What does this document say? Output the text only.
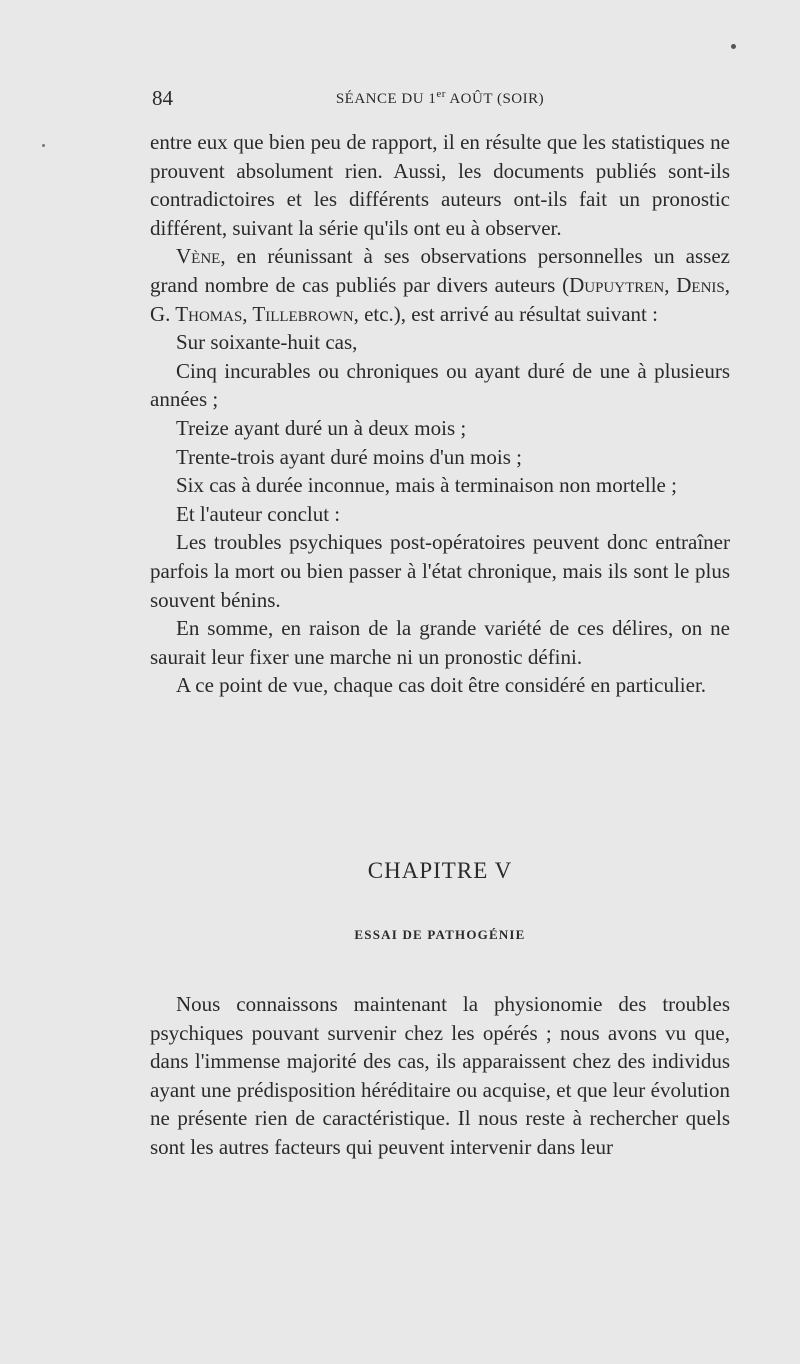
84	SÉANCE DU 1er AOÛT (SOIR)

entre eux que bien peu de rapport, il en résulte que les statistiques ne prouvent absolument rien. Aussi, les documents publiés sont-ils contradictoires et les différents auteurs ont-ils fait un pronostic différent, suivant la série qu'ils ont eu à observer.

Vène, en réunissant à ses observations personnelles un assez grand nombre de cas publiés par divers auteurs (Dupuytren, Denis, G. Thomas, Tillebrown, etc.), est arrivé au résultat suivant :

Sur soixante-huit cas,

Cinq incurables ou chroniques ou ayant duré de une à plusieurs années ;

Treize ayant duré un à deux mois ;

Trente-trois ayant duré moins d'un mois ;

Six cas à durée inconnue, mais à terminaison non mortelle ;

Et l'auteur conclut :

Les troubles psychiques post-opératoires peuvent donc entraîner parfois la mort ou bien passer à l'état chronique, mais ils sont le plus souvent bénins.

En somme, en raison de la grande variété de ces délires, on ne saurait leur fixer une marche ni un pronostic défini.

A ce point de vue, chaque cas doit être considéré en particulier.

CHAPITRE V

ESSAI DE PATHOGÉNIE

Nous connaissons maintenant la physionomie des troubles psychiques pouvant survenir chez les opérés ; nous avons vu que, dans l'immense majorité des cas, ils apparaissent chez des individus ayant une prédisposition héréditaire ou acquise, et que leur évolution ne présente rien de caractéristique. Il nous reste à rechercher quels sont les autres facteurs qui peuvent intervenir dans leur
